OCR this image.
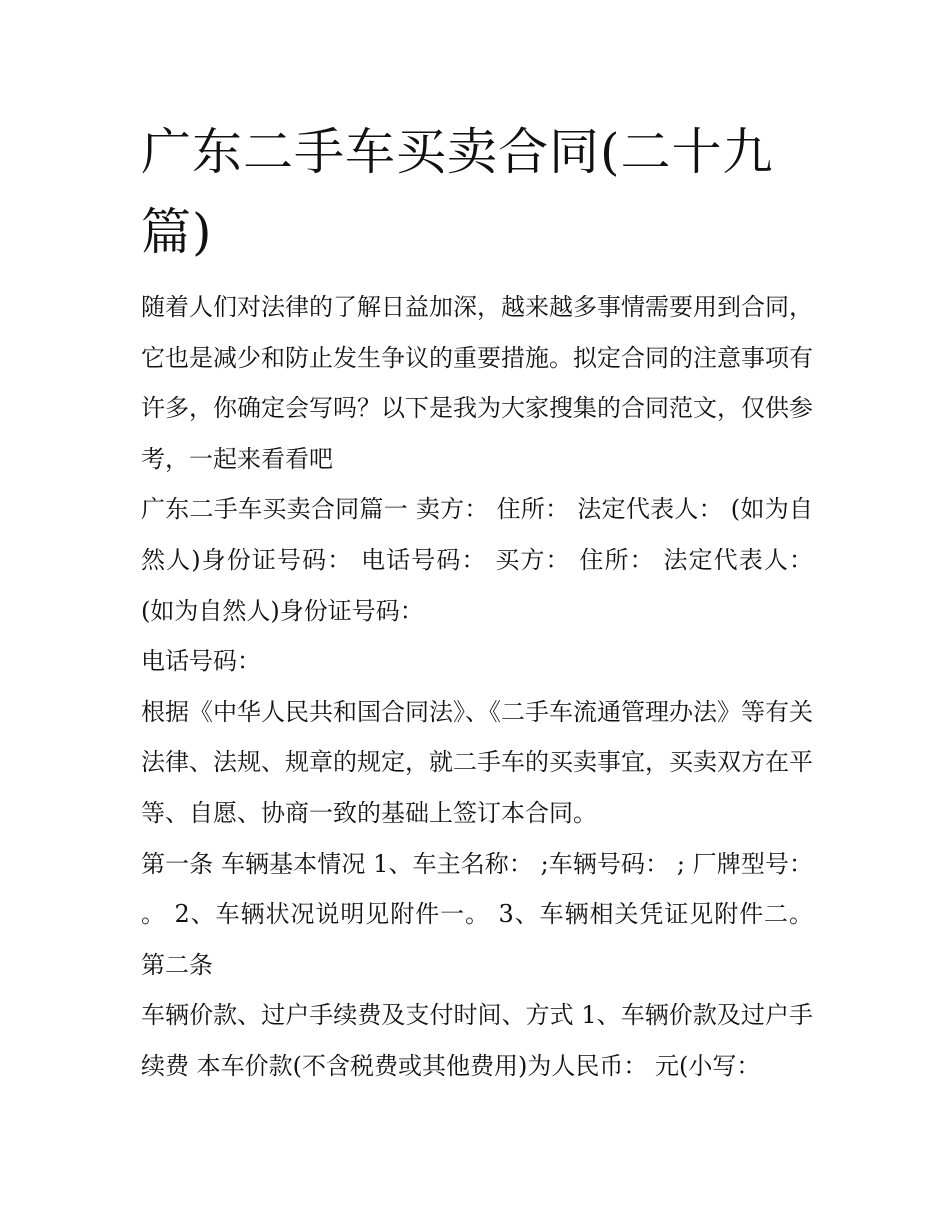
广东二手车买卖合同(二十九篇)

随着人们对法律的了解日益加深，越来越多事情需要用到合同，它也是减少和防止发生争议的重要措施。拟定合同的注意事项有许多，你确定会写吗？以下是我为大家搜集的合同范文，仅供参考，一起来看看吧

广东二手车买卖合同篇一 卖方： 住所： 法定代表人： (如为自然人)身份证号码： 电话号码： 买方： 住所： 法定代表人： (如为自然人)身份证号码：

电话号码：

根据《中华人民共和国合同法》、《二手车流通管理办法》等有关法律、法规、规章的规定，就二手车的买卖事宜，买卖双方在平等、自愿、协商一致的基础上签订本合同。

第一条 车辆基本情况 1、车主名称： ;车辆号码： ; 厂牌型号： 。 2、车辆状况说明见附件一。 3、车辆相关凭证见附件二。 第二条

车辆价款、过户手续费及支付时间、方式 1、车辆价款及过户手续费 本车价款(不含税费或其他费用)为人民币： 元(小写：
